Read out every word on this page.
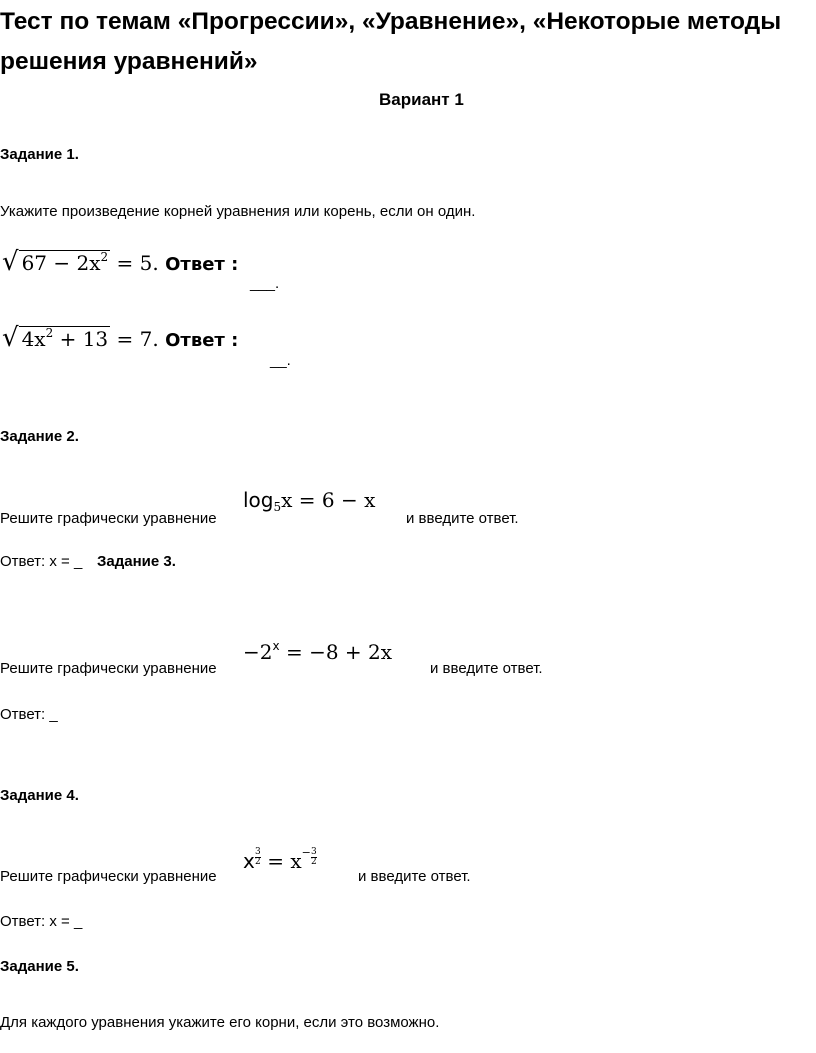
Тест по темам «Прогрессии», «Уравнение», «Некоторые методы
решения уравнений»
Вариант 1
Задание 1.
Укажите произведение корней уравнения или корень, если он один.
√ $67 - 2x^2 = 5$. Ответ :
___.
√ $4x^2 + 13 = 7$. Ответ :
__.
Задание 2.
$\log_5x = 6 - x$
Решите графически уравнение	и введите ответ.
Ответ: x = _ Задание 3.
$-2^x = -8 + 2x$
Решите графически уравнение	и введите ответ.
Ответ: _
Задание 4.
x $\frac{3}{2} = x^- \frac{3}{2}$
Решите графически уравнение	и введите ответ.
Ответ: x = _
Задание 5.
Для каждого уравнения укажите его корни, если это возможно.
